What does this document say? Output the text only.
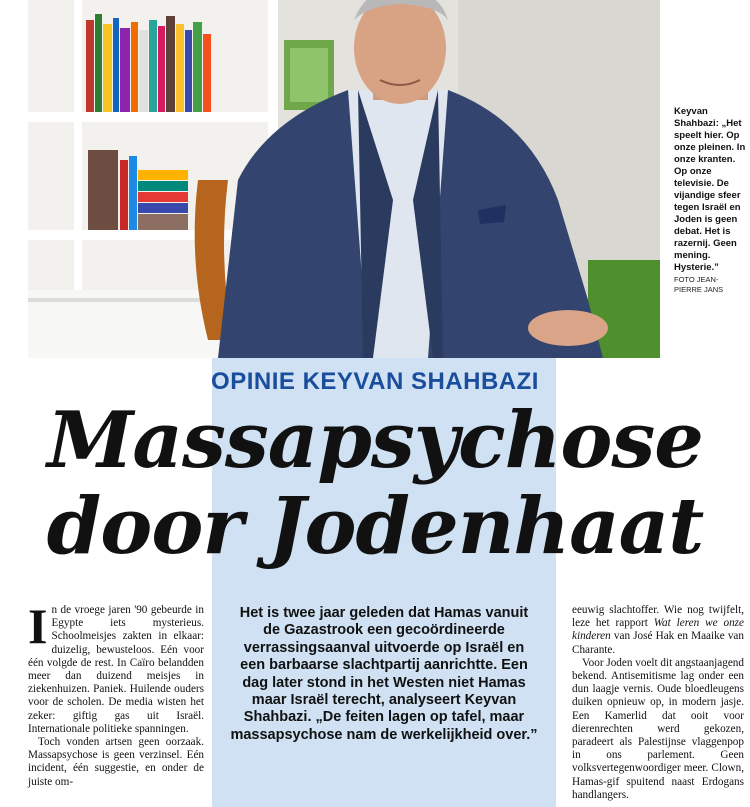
Keyvan Shahbazi: „Het speelt hier. Op onze pleinen. In onze kranten. Op onze televisie. De vijandige sfeer tegen Israël en Joden is geen debat. Het is razernij. Geen mening. Hysterie.”
FOTO JEAN-PIERRE JANS
OPINIE KEYVAN SHAHBAZI
Massapsychose
door Jodenhaat

In de vroege jaren '90 gebeurde in Egypte iets mysterieus. Schoolmeisjes zakten in elkaar: duizelig, bewusteloos. Eén voor één volgde de rest. In Caïro belandden meer dan duizend meisjes in ziekenhuizen. Paniek. Huilende ouders voor de scholen. De media wisten het zeker: giftig gas uit Israël. Internationale politieke spanningen.

Toch vonden artsen geen oorzaak. Massapsychose is geen verzinsel. Eén incident, één suggestie, en onder de juiste om-

Het is twee jaar geleden dat Hamas vanuit de Gazastrook een gecoördineerde verrassingsaanval uitvoerde op Israël en een barbaarse slachtpartij aanrichtte. Een dag later stond in het Westen niet Hamas maar Israël terecht, analyseert Keyvan Shahbazi. „De feiten lagen op tafel, maar massapsychose nam de werkelijkheid over.”

eeuwig slachtoffer. Wie nog twijfelt, leze het rapport Wat leren we onze kinderen van José Hak en Maaike van Charante.

Voor Joden voelt dit angstaanjagend bekend. Antisemitisme lag onder een dun laagje vernis. Oude bloedleugens duiken opnieuw op, in modern jasje. Een Kamerlid dat ooit voor dierenrechten werd gekozen, paradeert als Palestijnse vlaggenpop in ons parlement. Geen volksvertegenwoordiger meer. Clown, Hamas-gif spuitend naast Erdogans handlangers.
